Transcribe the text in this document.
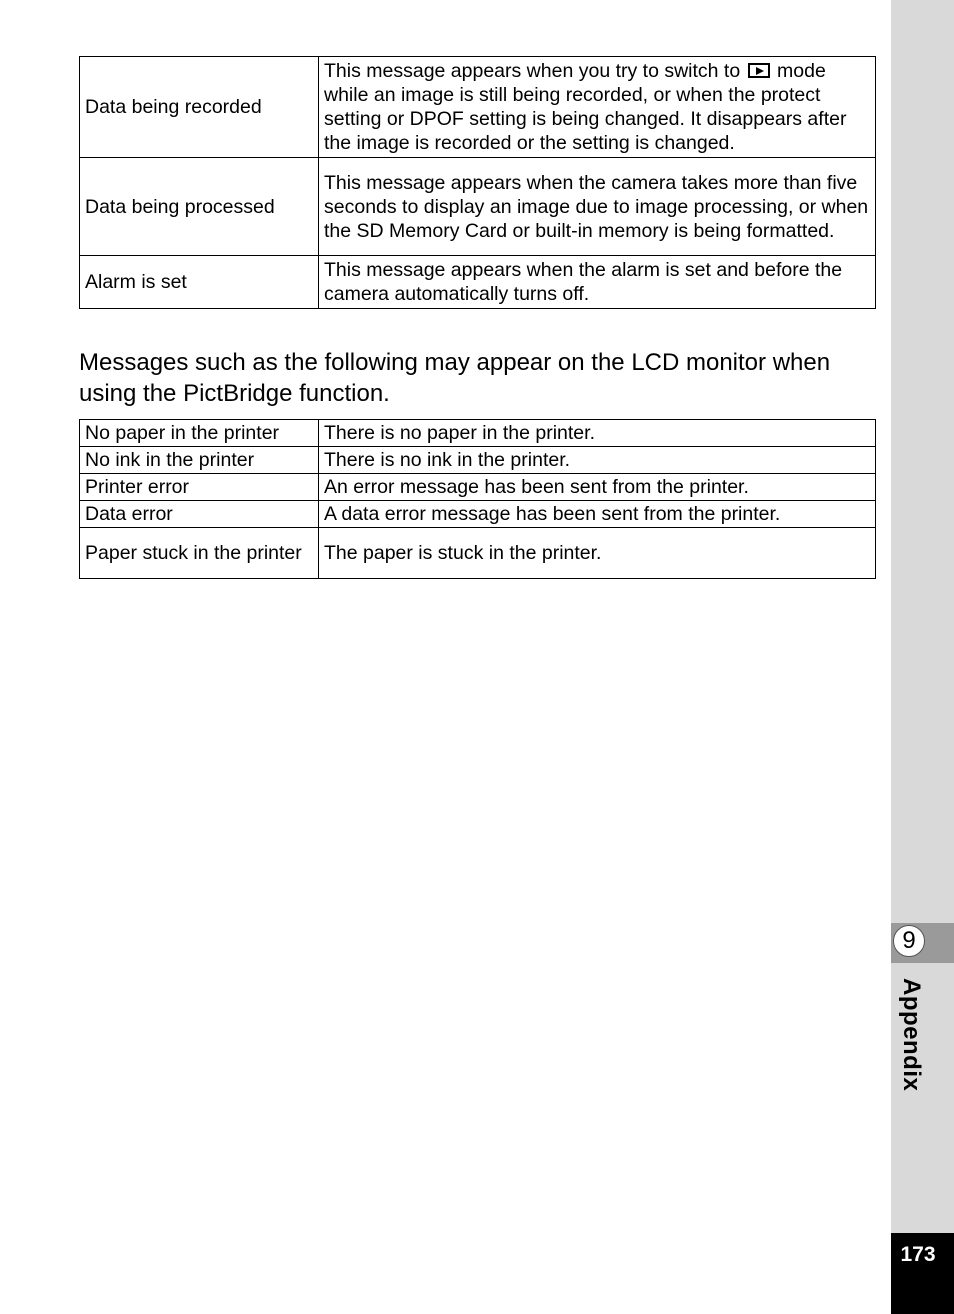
Data being recorded	This message appears when you try to switch to mode while an image is still being recorded, or when the protect setting or DPOF setting is being changed. It disappears after the image is recorded or the setting is changed.
Data being processed	This message appears when the camera takes more than five seconds to display an image due to image processing, or when the SD Memory Card or built-in memory is being formatted.
Alarm is set	This message appears when the alarm is set and before the camera automatically turns off.

Messages such as the following may appear on the LCD monitor when using the PictBridge function.

No paper in the printer	There is no paper in the printer.
No ink in the printer	There is no ink in the printer.
Printer error	An error message has been sent from the printer.
Data error	A data error message has been sent from the printer.
Paper stuck in the printer	The paper is stuck in the printer.
9
Appendix
173
